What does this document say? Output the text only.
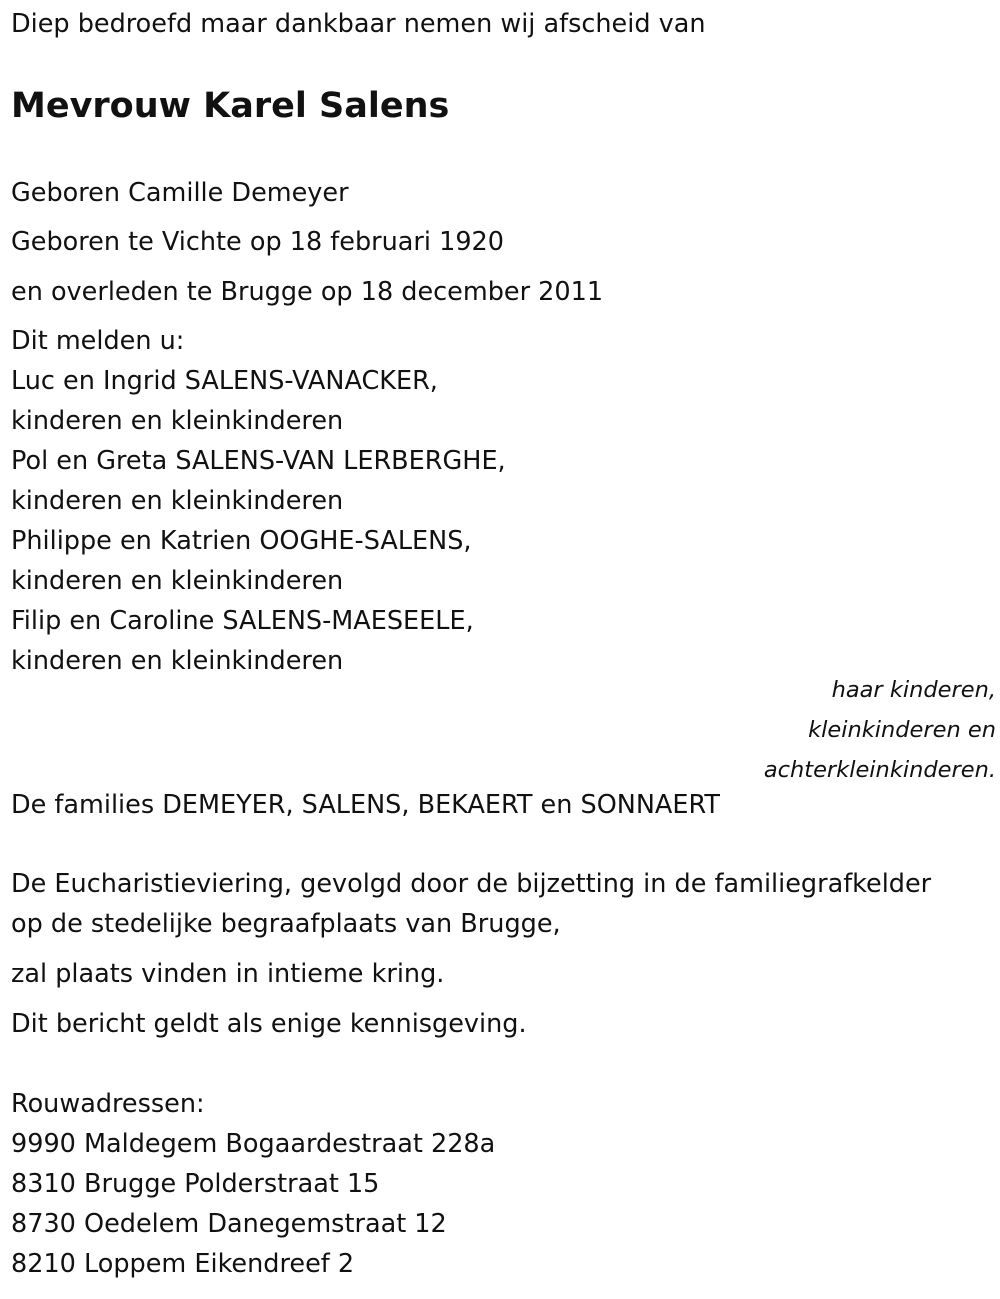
Diep bedroefd maar dankbaar nemen wij afscheid van

Mevrouw Karel Salens

Geboren Camille Demeyer

Geboren te Vichte op 18 februari 1920

en overleden te Brugge op 18 december 2011

Dit melden u:

Luc en Ingrid SALENS-VANACKER,

kinderen en kleinkinderen

Pol en Greta SALENS-VAN LERBERGHE,

kinderen en kleinkinderen

Philippe en Katrien OOGHE-SALENS,

kinderen en kleinkinderen

Filip en Caroline SALENS-MAESEELE,

kinderen en kleinkinderen

haar kinderen,
kleinkinderen en
achterkleinkinderen.

De families DEMEYER, SALENS, BEKAERT en SONNAERT

De Eucharistieviering, gevolgd door de bijzetting in de familiegrafkelder

op de stedelijke begraafplaats van Brugge,

zal plaats vinden in intieme kring.

Dit bericht geldt als enige kennisgeving.

Rouwadressen:

9990 Maldegem Bogaardestraat 228a

8310 Brugge Polderstraat 15

8730 Oedelem Danegemstraat 12

8210 Loppem Eikendreef 2
